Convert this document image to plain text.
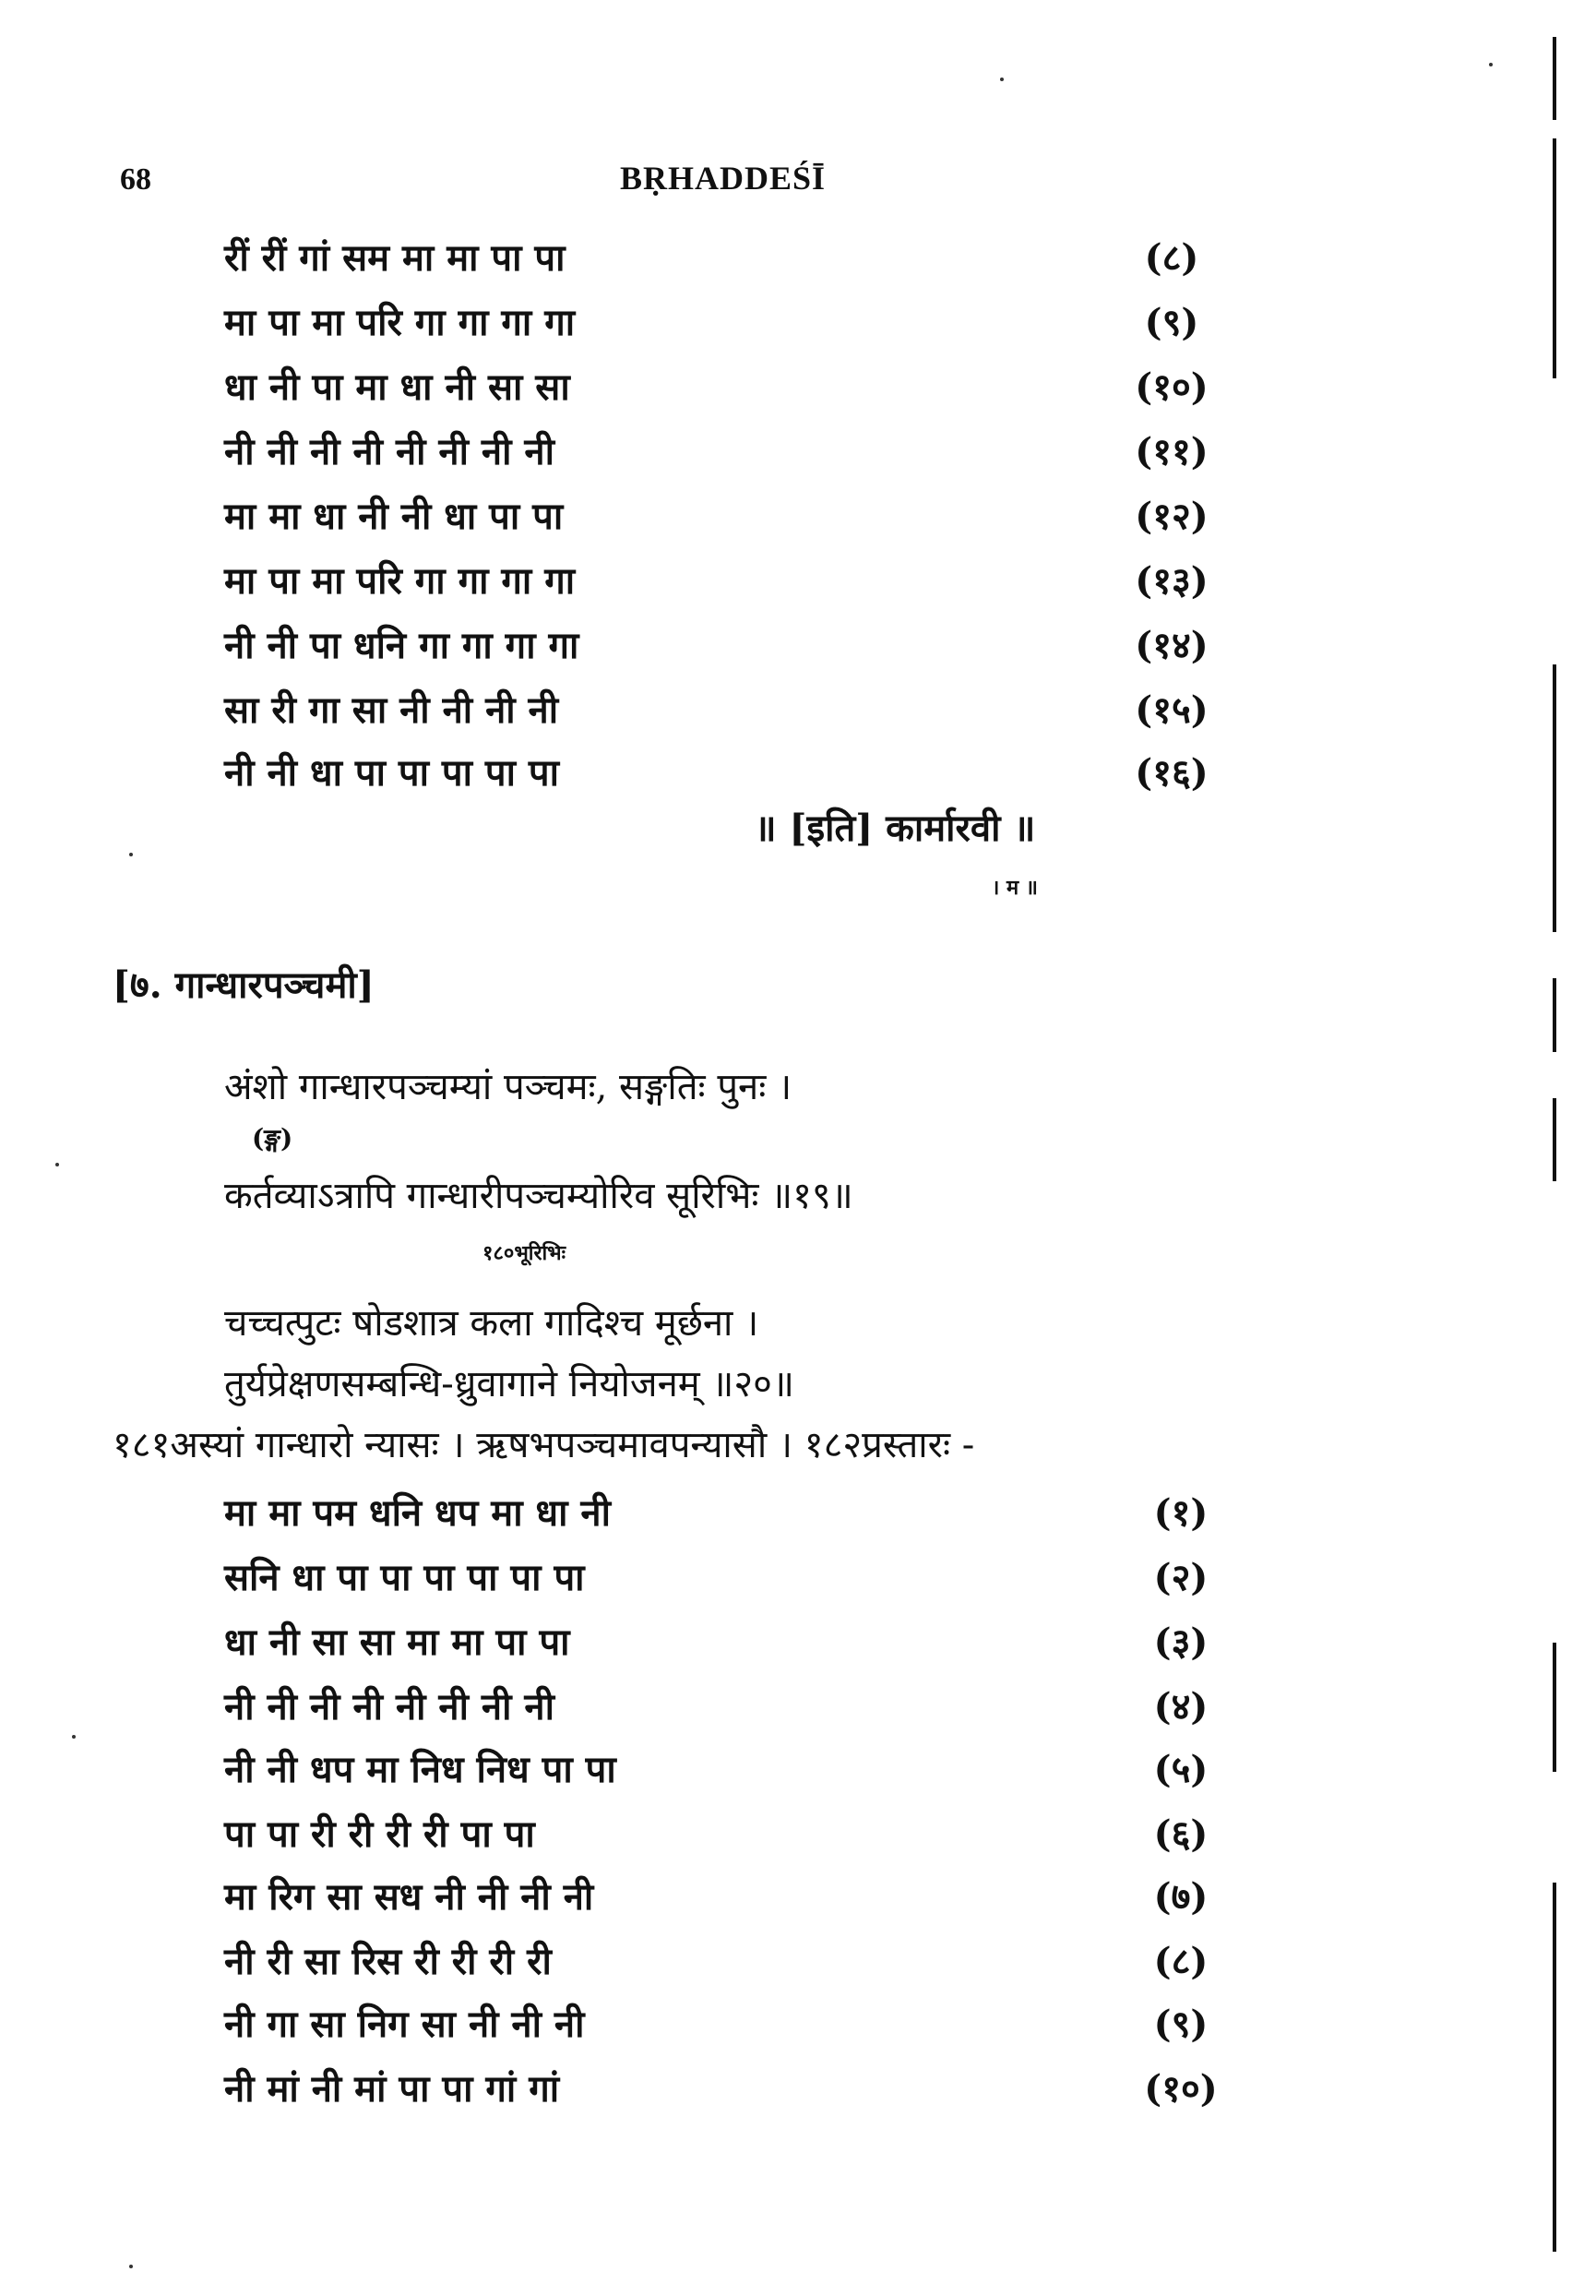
68	BṚHADDEŚĪ
रीं रीं गां सम मा मा पा पा	(८)
मा पा मा परि गा गा गा गा	(९)
धा नी पा मा धा नी सा सा	(१०)
नी नी नी नी नी नी नी नी	(११)
मा मा धा नी नी धा पा पा	(१२)
मा पा मा परि गा गा गा गा	(१३)
नी नी पा धनि गा गा गा गा	(१४)
सा री गा सा नी नी नी नी	(१५)
नी नी धा पा पा पा पा पा	(१६)
॥ [इति] कार्मारवी ॥
। म ॥
[७. गान्धारपञ्चमी]
अंशो गान्धारपञ्चम्यां पञ्चमः, सङ्गतिः पुनः ।
(ङ्ग)
कर्तव्याऽत्रापि गान्धारीपञ्चम्योरिव सूरिभिः ॥१९॥
१८०भूरिभिः
चच्चत्पुटः षोडशात्र कला गादिश्च मूर्छना ।
तुर्यप्रेक्षणसम्बन्धि-ध्रुवागाने नियोजनम् ॥२०॥
१८१अस्यां गान्धारो न्यासः । ऋषभपञ्चमावपन्यासौ । १८२प्रस्तारः -
मा मा पम धनि धप मा धा नी	(१)
सनि धा पा पा पा पा पा पा	(२)
धा नी सा सा मा मा पा पा	(३)
नी नी नी नी नी नी नी नी	(४)
नी नी धप मा निध निध पा पा	(५)
पा पा री री री री पा पा	(६)
मा रिग सा सध नी नी नी नी	(७)
नी री सा रिस री री री री	(८)
नी गा सा निग सा नी नी नी	(९)
नी मां नी मां पा पा गां गां	(१०)
